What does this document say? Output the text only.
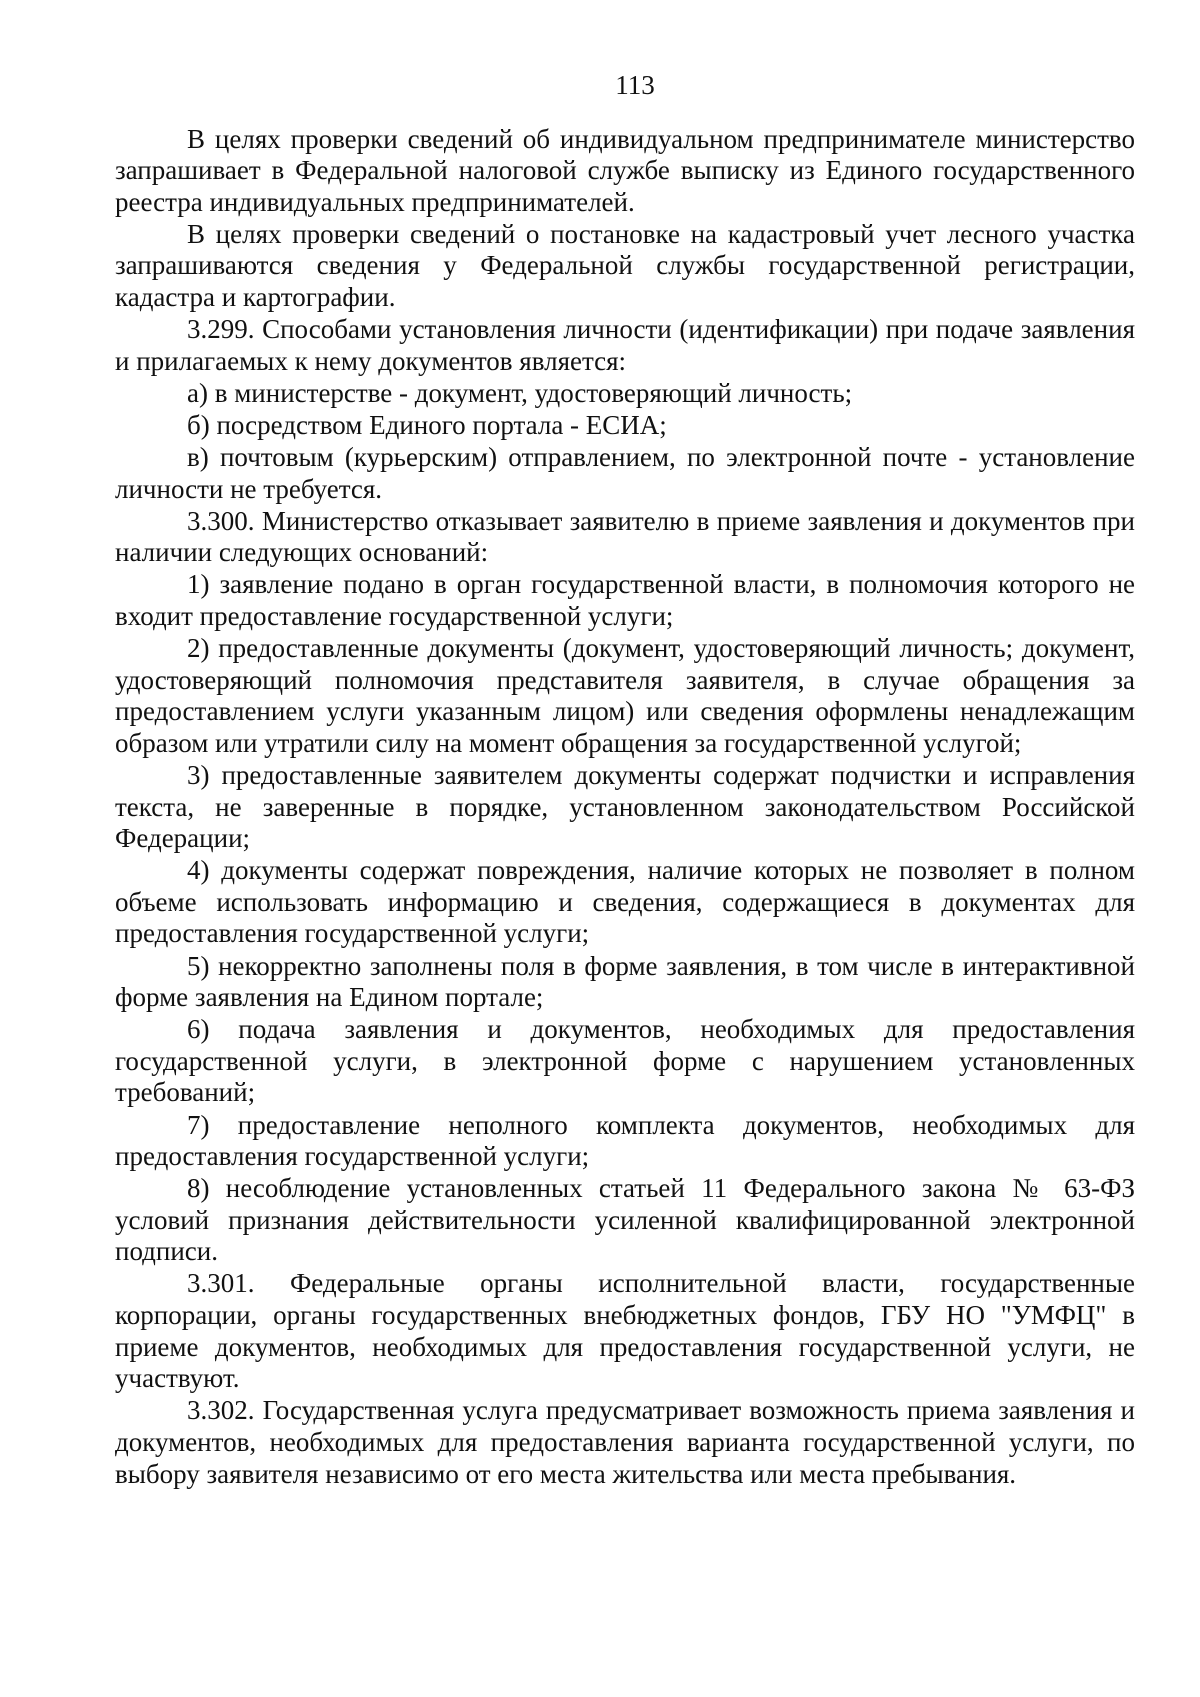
113

В целях проверки сведений об индивидуальном предпринимателе министерство запрашивает в Федеральной налоговой службе выписку из Единого государственного реестра индивидуальных предпринимателей.

В целях проверки сведений о постановке на кадастровый учет лесного участка запрашиваются сведения у Федеральной службы государственной регистрации, кадастра и картографии.

3.299. Способами установления личности (идентификации) при подаче заявления и прилагаемых к нему документов является:

а) в министерстве - документ, удостоверяющий личность;

б) посредством Единого портала - ЕСИА;

в) почтовым (курьерским) отправлением, по электронной почте - установление личности не требуется.

3.300. Министерство отказывает заявителю в приеме заявления и документов при наличии следующих оснований:

1) заявление подано в орган государственной власти, в полномочия которого не входит предоставление государственной услуги;

2) предоставленные документы (документ, удостоверяющий личность; документ, удостоверяющий полномочия представителя заявителя, в случае обращения за предоставлением услуги указанным лицом) или сведения оформлены ненадлежащим образом или утратили силу на момент обращения за государственной услугой;

3) предоставленные заявителем документы содержат подчистки и исправления текста, не заверенные в порядке, установленном законодательством Российской Федерации;

4) документы содержат повреждения, наличие которых не позволяет в полном объеме использовать информацию и сведения, содержащиеся в документах для предоставления государственной услуги;

5) некорректно заполнены поля в форме заявления, в том числе в интерактивной форме заявления на Едином портале;

6) подача заявления и документов, необходимых для предоставления государственной услуги, в электронной форме с нарушением установленных требований;

7) предоставление неполного комплекта документов, необходимых для предоставления государственной услуги;

8) несоблюдение установленных статьей 11 Федерального закона № 63-ФЗ условий признания действительности усиленной квалифицированной электронной подписи.

3.301. Федеральные органы исполнительной власти, государственные корпорации, органы государственных внебюджетных фондов, ГБУ НО "УМФЦ" в приеме документов, необходимых для предоставления государственной услуги, не участвуют.

3.302. Государственная услуга предусматривает возможность приема заявления и документов, необходимых для предоставления варианта государственной услуги, по выбору заявителя независимо от его места жительства или места пребывания.
